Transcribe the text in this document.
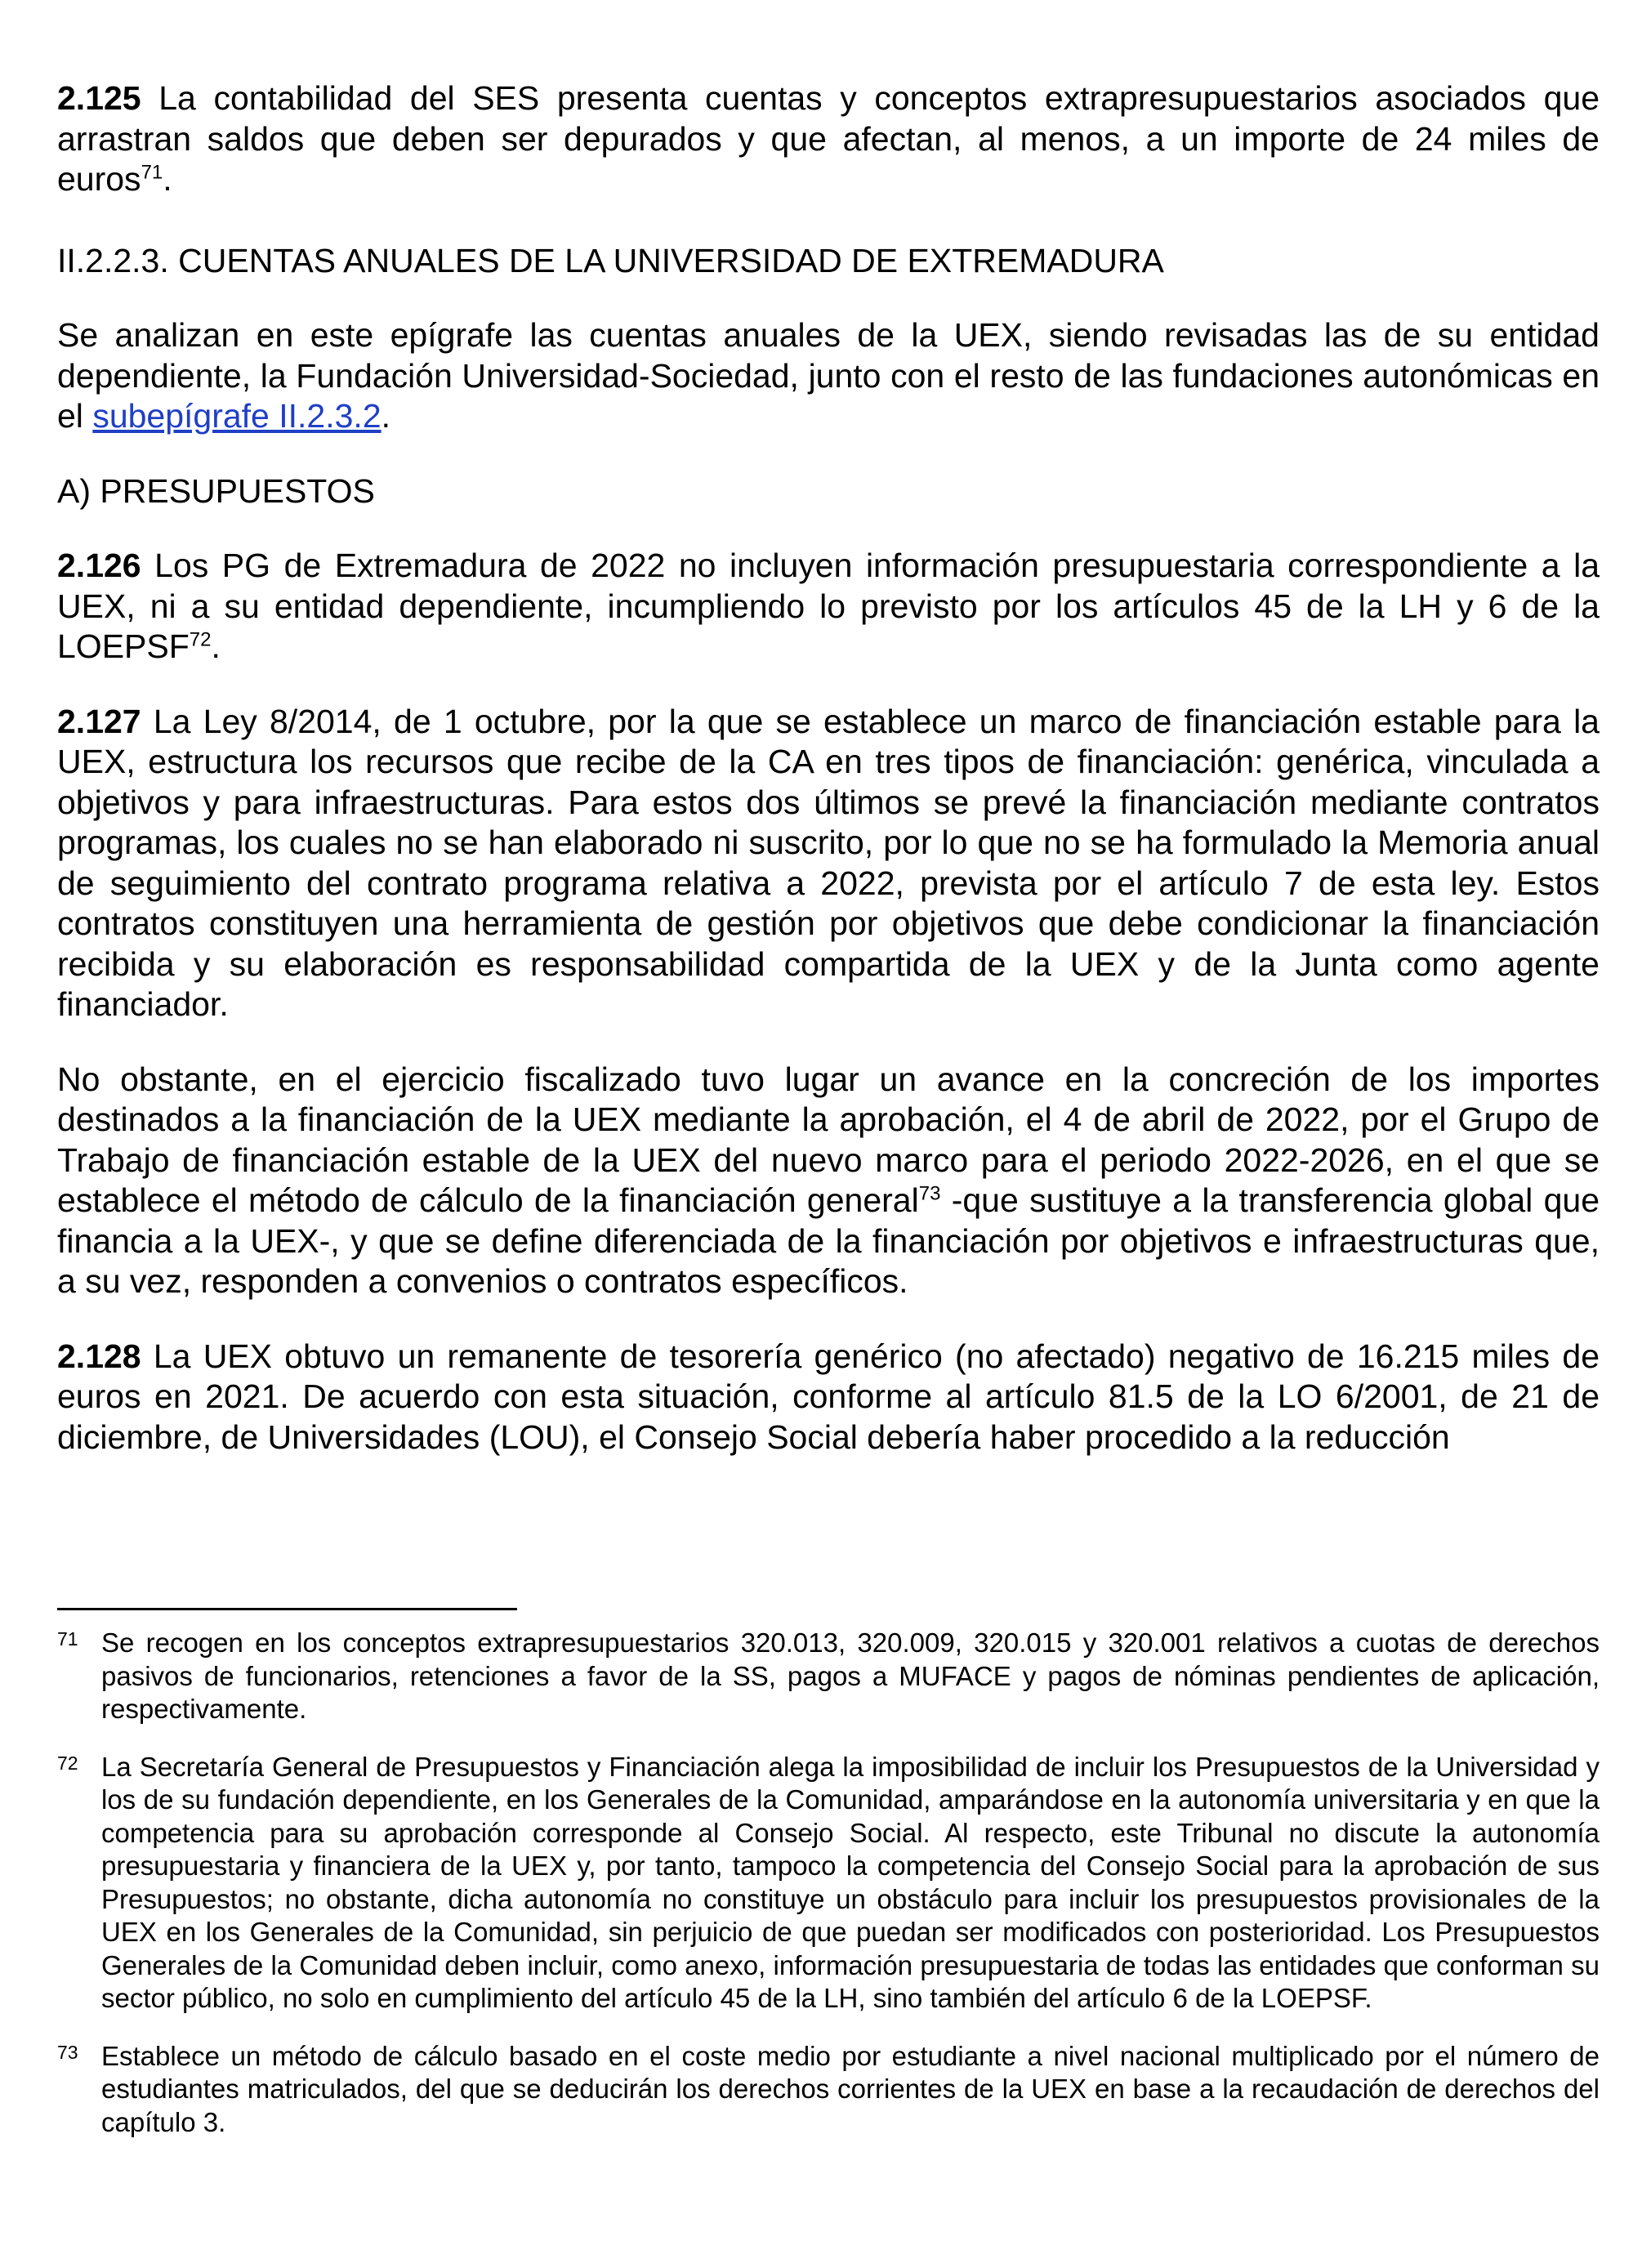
2.125 La contabilidad del SES presenta cuentas y conceptos extrapresupuestarios asociados que arrastran saldos que deben ser depurados y que afectan, al menos, a un importe de 24 miles de euros$^{71}$.

II.2.2.3. CUENTAS ANUALES DE LA UNIVERSIDAD DE EXTREMADURA

Se analizan en este epígrafe las cuentas anuales de la UEX, siendo revisadas las de su entidad dependiente, la Fundación Universidad-Sociedad, junto con el resto de las fundaciones autonómicas en el subepígrafe II.2.3.2.

A) PRESUPUESTOS

2.126 Los PG de Extremadura de 2022 no incluyen información presupuestaria correspondiente a la UEX, ni a su entidad dependiente, incumpliendo lo previsto por los artículos 45 de la LH y 6 de la LOEPSF$^{72}$.

2.127 La Ley 8/2014, de 1 octubre, por la que se establece un marco de financiación estable para la UEX, estructura los recursos que recibe de la CA en tres tipos de financiación: genérica, vinculada a objetivos y para infraestructuras. Para estos dos últimos se prevé la financiación mediante contratos programas, los cuales no se han elaborado ni suscrito, por lo que no se ha formulado la Memoria anual de seguimiento del contrato programa relativa a 2022, prevista por el artículo 7 de esta ley. Estos contratos constituyen una herramienta de gestión por objetivos que debe condicionar la financiación recibida y su elaboración es responsabilidad compartida de la UEX y de la Junta como agente financiador.

No obstante, en el ejercicio fiscalizado tuvo lugar un avance en la concreción de los importes destinados a la financiación de la UEX mediante la aprobación, el 4 de abril de 2022, por el Grupo de Trabajo de financiación estable de la UEX del nuevo marco para el periodo 2022-2026, en el que se establece el método de cálculo de la financiación general$^{73}$ -que sustituye a la transferencia global que financia a la UEX-, y que se define diferenciada de la financiación por objetivos e infraestructuras que, a su vez, responden a convenios o contratos específicos.

2.128 La UEX obtuvo un remanente de tesorería genérico (no afectado) negativo de 16.215 miles de euros en 2021. De acuerdo con esta situación, conforme al artículo 81.5 de la LO 6/2001, de 21 de diciembre, de Universidades (LOU), el Consejo Social debería haber procedido a la reducción

71 Se recogen en los conceptos extrapresupuestarios 320.013, 320.009, 320.015 y 320.001 relativos a cuotas de derechos pasivos de funcionarios, retenciones a favor de la SS, pagos a MUFACE y pagos de nóminas pendientes de aplicación, respectivamente.
72 La Secretaría General de Presupuestos y Financiación alega la imposibilidad de incluir los Presupuestos de la Universidad y los de su fundación dependiente, en los Generales de la Comunidad, amparándose en la autonomía universitaria y en que la competencia para su aprobación corresponde al Consejo Social. Al respecto, este Tribunal no discute la autonomía presupuestaria y financiera de la UEX y, por tanto, tampoco la competencia del Consejo Social para la aprobación de sus Presupuestos; no obstante, dicha autonomía no constituye un obstáculo para incluir los presupuestos provisionales de la UEX en los Generales de la Comunidad, sin perjuicio de que puedan ser modificados con posterioridad. Los Presupuestos Generales de la Comunidad deben incluir, como anexo, información presupuestaria de todas las entidades que conforman su sector público, no solo en cumplimiento del artículo 45 de la LH, sino también del artículo 6 de la LOEPSF.
73 Establece un método de cálculo basado en el coste medio por estudiante a nivel nacional multiplicado por el número de estudiantes matriculados, del que se deducirán los derechos corrientes de la UEX en base a la recaudación de derechos del capítulo 3.
